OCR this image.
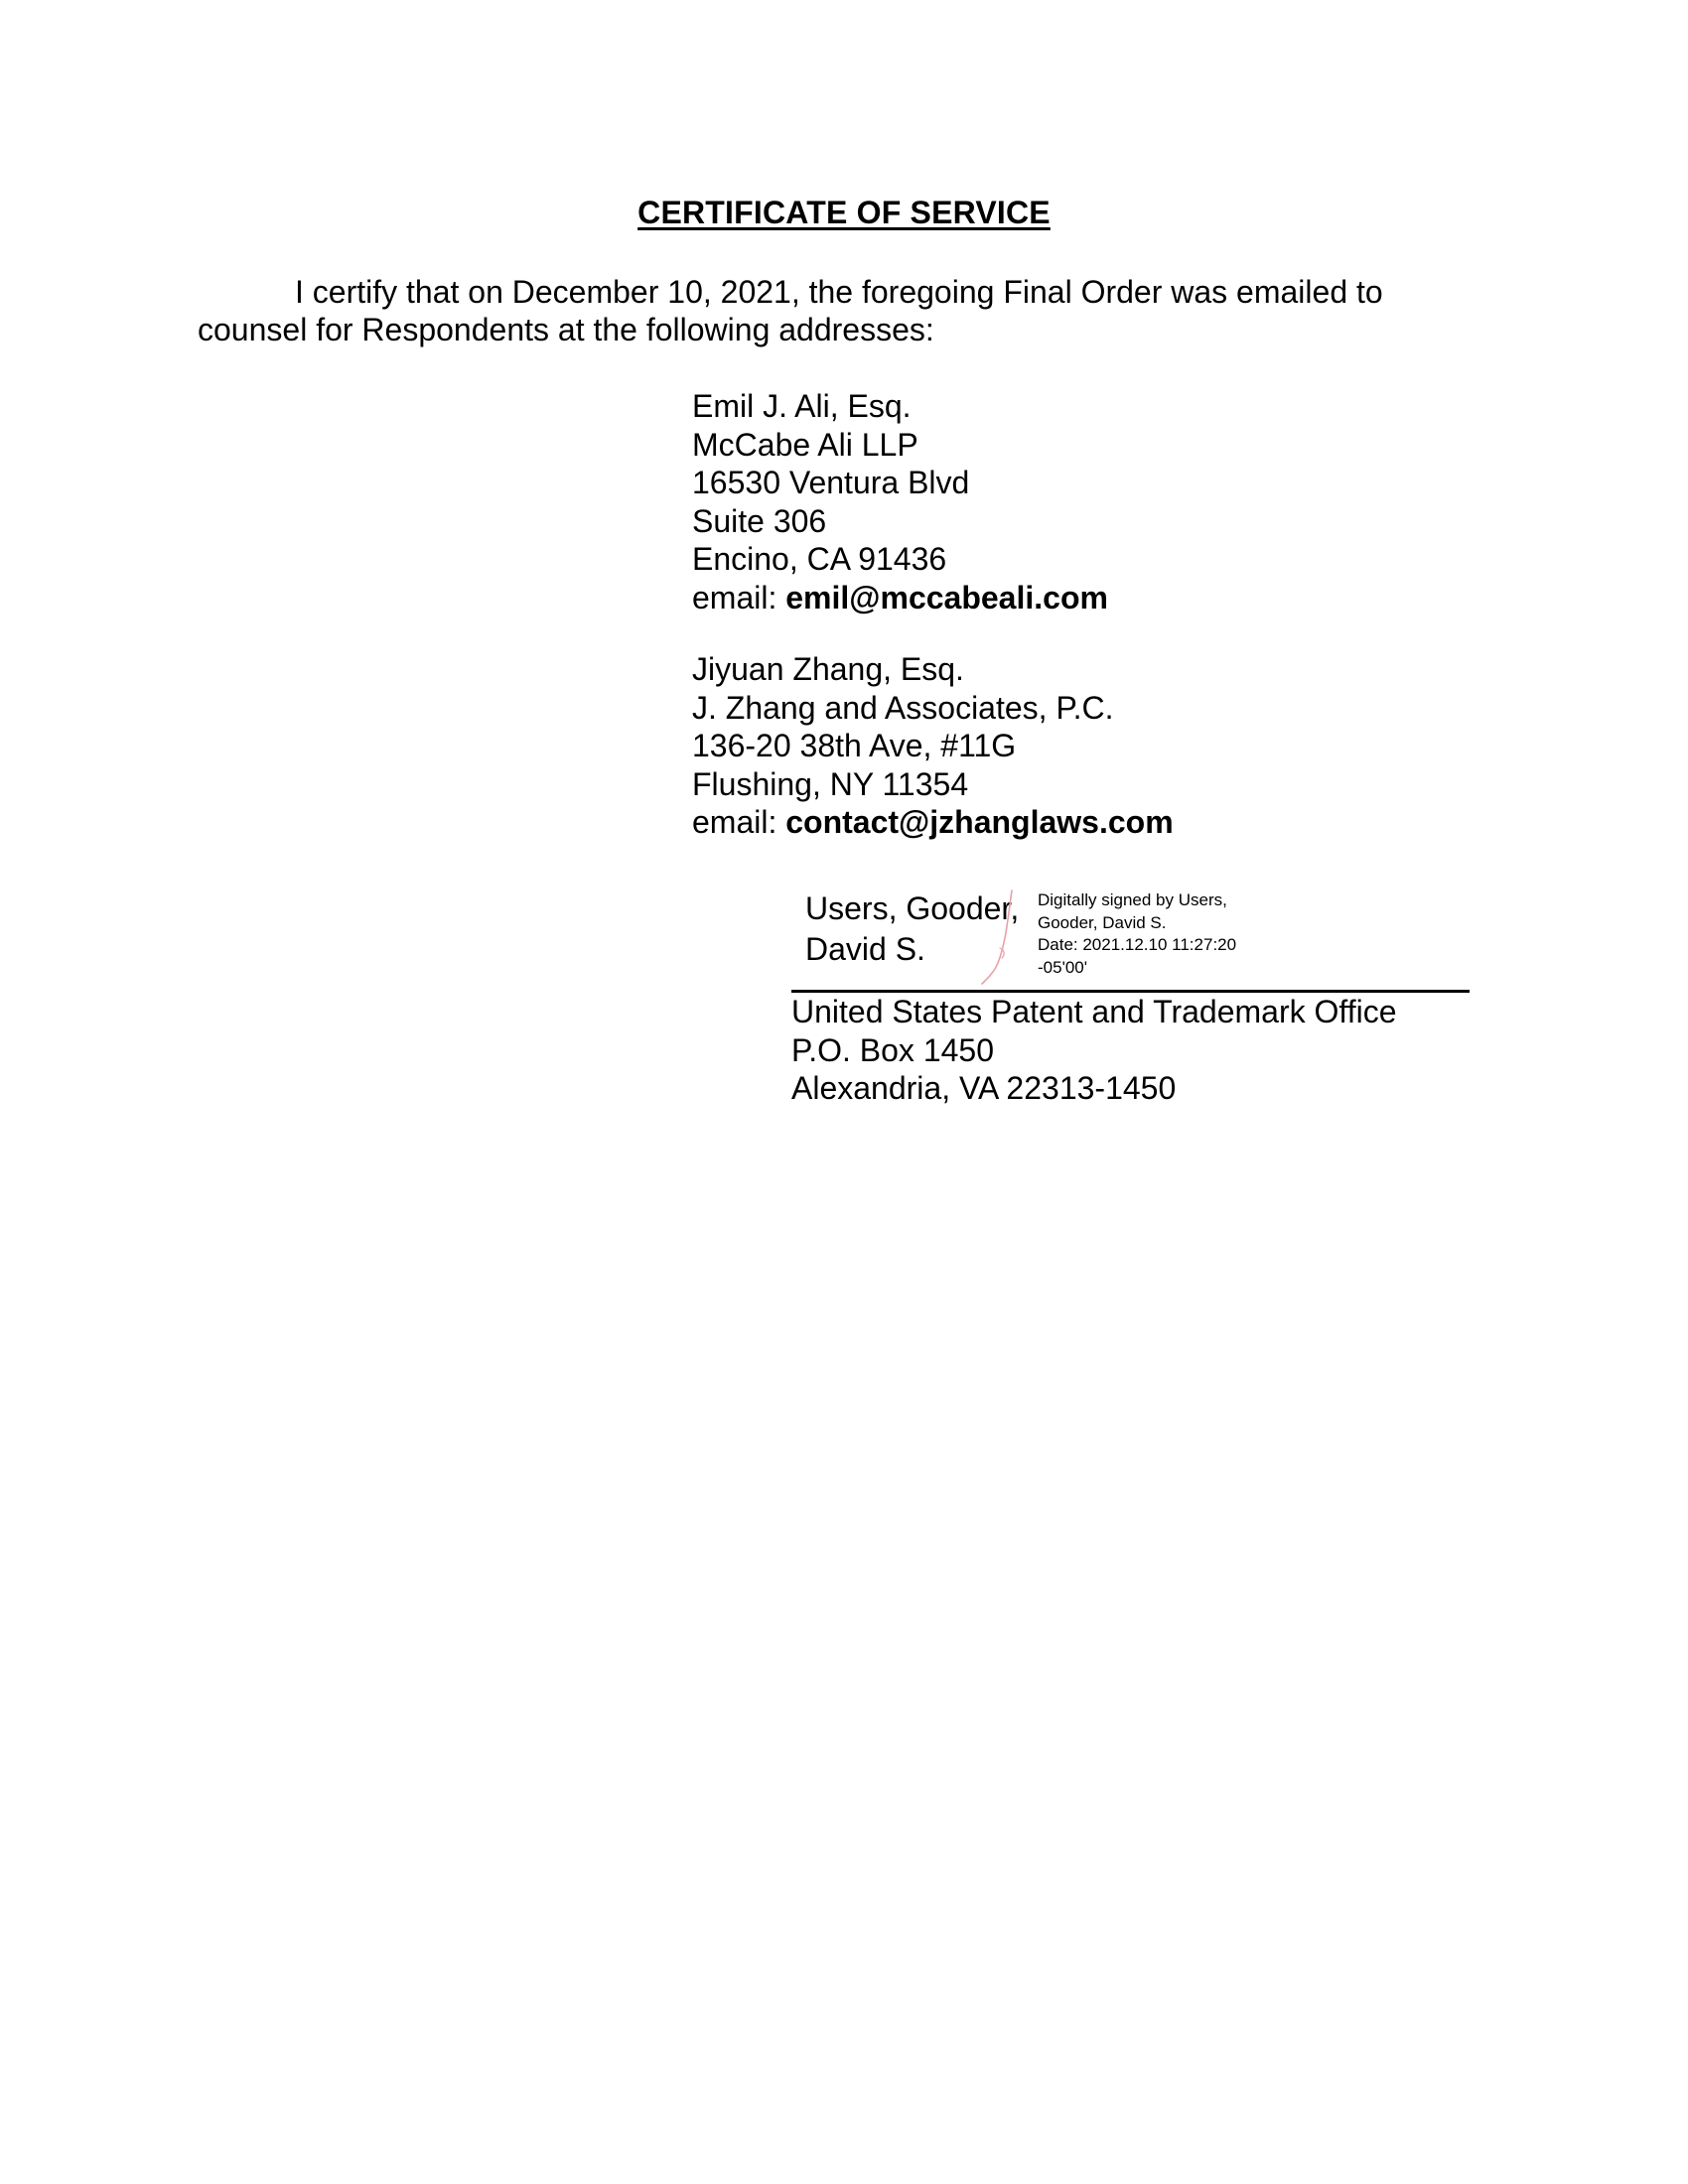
CERTIFICATE OF SERVICE
I certify that on December 10, 2021, the foregoing Final Order was emailed to counsel for Respondents at the following addresses:
Emil J. Ali, Esq.
McCabe Ali LLP
16530 Ventura Blvd
Suite 306
Encino, CA 91436
email: emil@mccabeali.com
Jiyuan Zhang, Esq.
J. Zhang and Associates, P.C.
136-20 38th Ave, #11G
Flushing, NY 11354
email: contact@jzhanglaws.com
Users, Gooder,
David S.
Digitally signed by Users,
Gooder, David S.
Date: 2021.12.10 11:27:20
-05'00'
United States Patent and Trademark Office
P.O. Box 1450
Alexandria, VA 22313-1450
